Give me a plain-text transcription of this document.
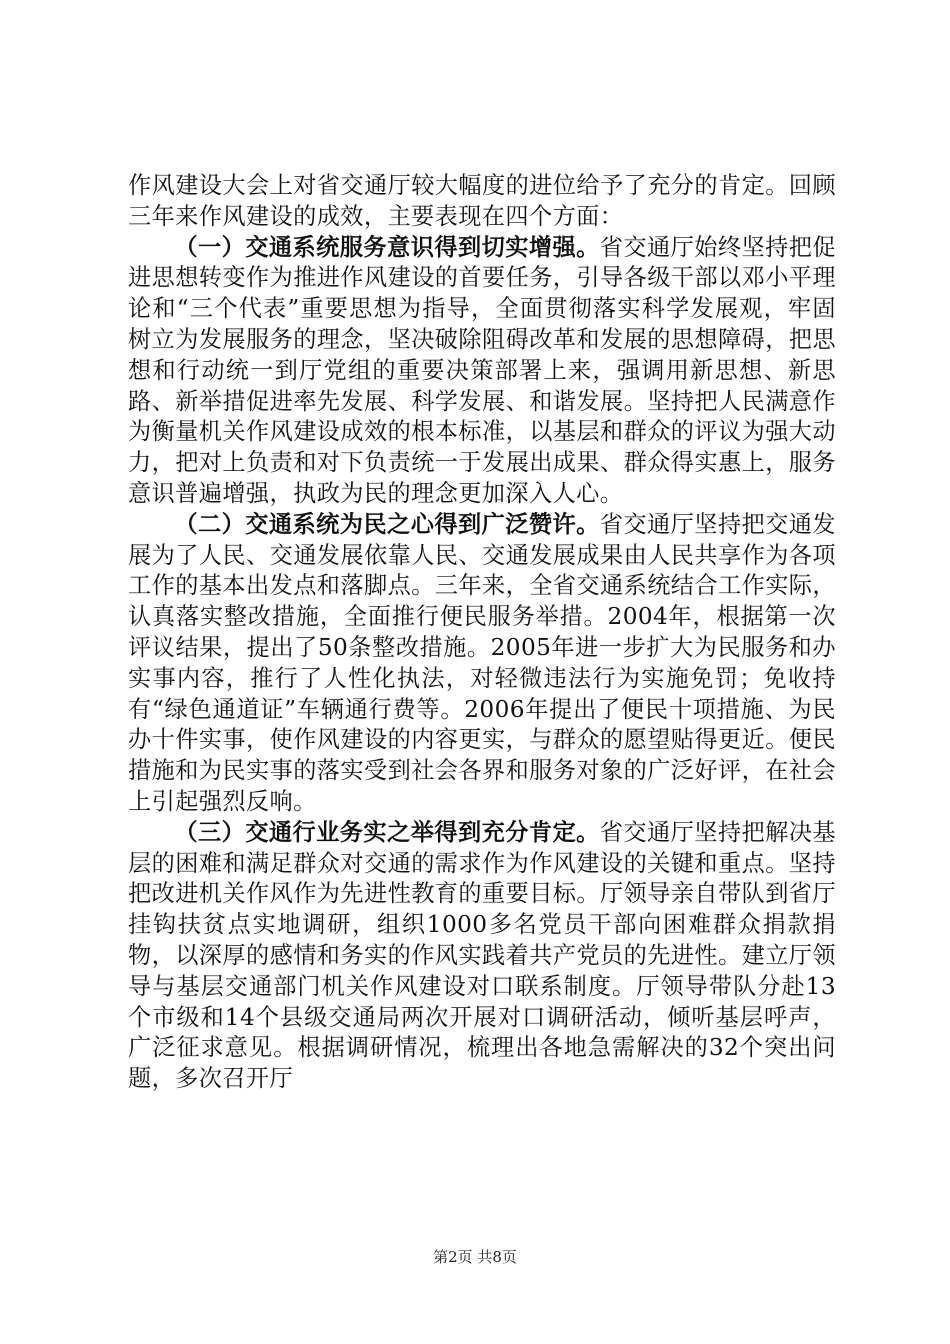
作风建设大会上对省交通厅较大幅度的进位给予了充分的肯定。回顾三年来作风建设的成效，主要表现在四个方面：

（一）交通系统服务意识得到切实增强。省交通厅始终坚持把促进思想转变作为推进作风建设的首要任务，引导各级干部以邓小平理论和“三个代表”重要思想为指导，全面贯彻落实科学发展观，牢固树立为发展服务的理念，坚决破除阻碍改革和发展的思想障碍，把思想和行动统一到厅党组的重要决策部署上来，强调用新思想、新思路、新举措促进率先发展、科学发展、和谐发展。坚持把人民满意作为衡量机关作风建设成效的根本标准，以基层和群众的评议为强大动力，把对上负责和对下负责统一于发展出成果、群众得实惠上，服务意识普遍增强，执政为民的理念更加深入人心。

（二）交通系统为民之心得到广泛赞许。省交通厅坚持把交通发展为了人民、交通发展依靠人民、交通发展成果由人民共享作为各项工作的基本出发点和落脚点。三年来，全省交通系统结合工作实际，认真落实整改措施，全面推行便民服务举措。2004年，根据第一次评议结果，提出了50条整改措施。2005年进一步扩大为民服务和办实事内容，推行了人性化执法，对轻微违法行为实施免罚；免收持有“绿色通道证”车辆通行费等。2006年提出了便民十项措施、为民办十件实事，使作风建设的内容更实，与群众的愿望贴得更近。便民措施和为民实事的落实受到社会各界和服务对象的广泛好评，在社会上引起强烈反响。

（三）交通行业务实之举得到充分肯定。省交通厅坚持把解决基层的困难和满足群众对交通的需求作为作风建设的关键和重点。坚持把改进机关作风作为先进性教育的重要目标。厅领导亲自带队到省厅挂钩扶贫点实地调研，组织1000多名党员干部向困难群众捐款捐物，以深厚的感情和务实的作风实践着共产党员的先进性。建立厅领导与基层交通部门机关作风建设对口联系制度。厅领导带队分赴13个市级和14个县级交通局两次开展对口调研活动，倾听基层呼声，广泛征求意见。根据调研情况，梳理出各地急需解决的32个突出问题，多次召开厅

第2页 共8页
